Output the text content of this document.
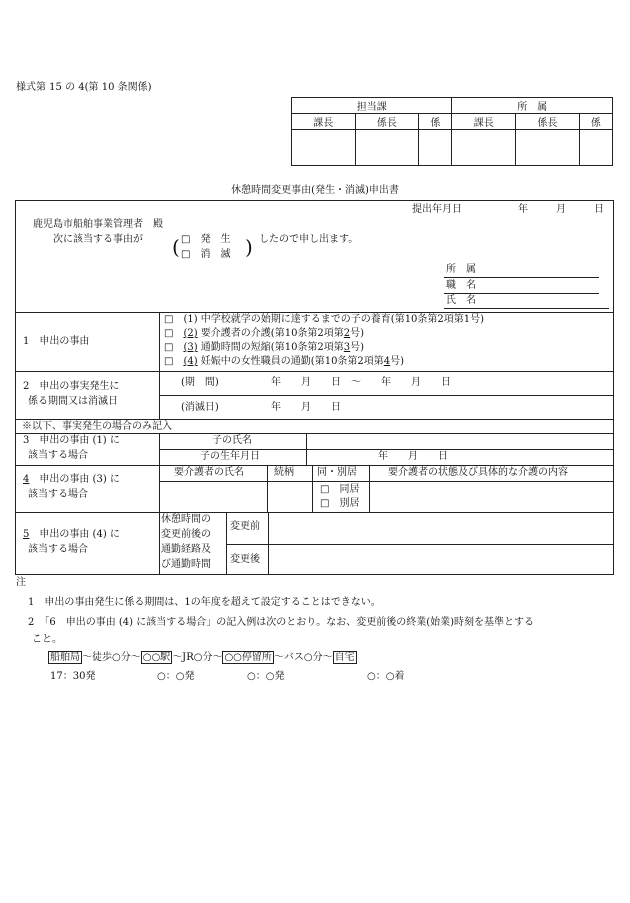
様式第 15 の 4(第 10 条関係)
担当課			所　属		
課長	係長	係	課長	係長	係

休憩時間変更事由(発生・消滅)申出書
提出年月日	年	月	日
鹿児島市船舶事業管理者　殿
次に該当する事由が ( □　発　生
□　消　滅 ) したので申し出ます。
所　属
職　名
氏　名
1　申出の事由
□　(1) 中学校就学の始期に達するまでの子の養育(第10条第2項第1号)
□　(2) 要介護者の介護(第10条第2項第2号)
□　(3) 通勤時間の短縮(第10条第2項第3号)
□　(4) 妊娠中の女性職員の通勤(第10条第2項第4号)
2　申出の事実発生に
係る期間又は消滅日
(期　間)	年　　月　　日　～　　年　　月　　日
(消滅日)	年　　月　　日
※以下、事実発生の場合のみ記入
3　申出の事由 (1) に
該当する場合
子の氏名
子の生年月日	年　　月　　日
4　申出の事由 (3) に
該当する場合
要介護者の氏名	続柄 同・別居	要介護者の状態及び具体的な介護の内容
□　同居
□　別居
5　申出の事由 (4) に
該当する場合
休憩時間の
変更前後の
通勤経路及
び通勤時間
変更前
変更後
注
1　申出の事由発生に係る期間は、1の年度を超えて設定することはできない。
2　「6　申出の事由 (4) に該当する場合」の記入例は次のとおり。なお、変更前後の終業(始業)時刻を基準とする
こと。
船舶局 ～徒歩○分～ ○○駅 ～JR○分～ ○○停留所 ～バス○分～ 自宅
17：30発	○：○発	○：○発	○：○着
